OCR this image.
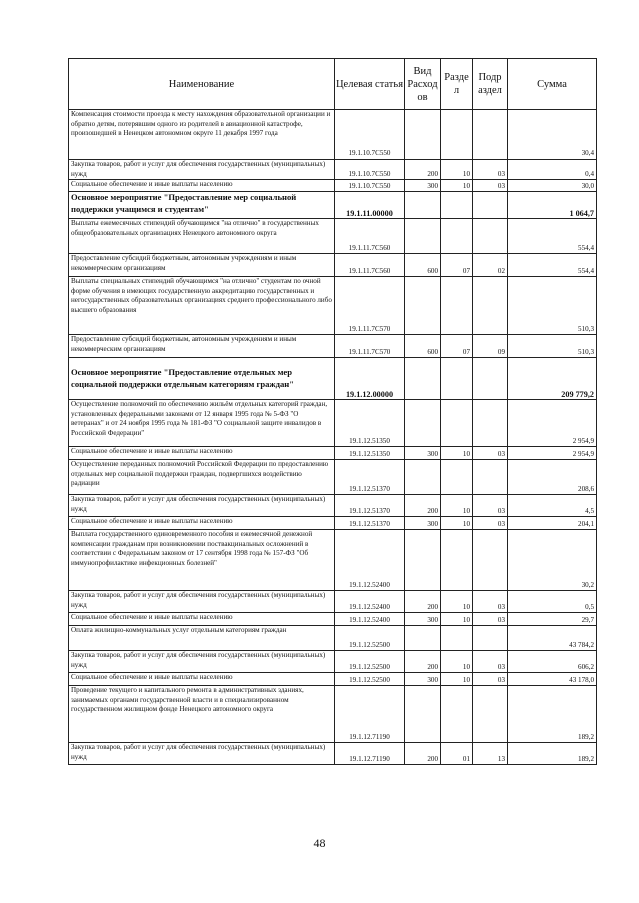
Наименование	Целевая статья	Вид Расход ов	Разде л	Подр аздел	Сумма
Компенсация стоимости проезда к месту нахождения образовательной организации и обратно детям, потерявшим одного из родителей в авиационной катастрофе, произошедшей в Ненецком автономном округе 11 декабря 1997 года	19.1.10.7С550				30,4
Закупка товаров, работ и услуг для обеспечения государственных (муниципальных) нужд	19.1.10.7С550	200	10	03	0,4
Социальное обеспечение и иные выплаты населению	19.1.10.7С550	300	10	03	30,0
Основное мероприятие "Предоставление мер социальной поддержки учащимся и студентам"	19.1.11.00000				1 064,7
Выплаты ежемесячных стипендий обучающимся "на отлично" в государственных общеобразовательных организациях Ненецкого автономного округа	19.1.11.7С560				554,4
Предоставление субсидий бюджетным, автономным учреждениям и иным некоммерческим организациям	19.1.11.7С560	600	07	02	554,4
Выплаты специальных стипендий обучающимся "на отлично" студентам по очной форме обучения в имеющих государственную аккредитацию государственных и негосударственных образовательных организациях среднего профессионального либо высшего образования	19.1.11.7С570				510,3
Предоставление субсидий бюджетным, автономным учреждениям и иным некоммерческим организациям	19.1.11.7С570	600	07	09	510,3
Основное мероприятие "Предоставление отдельных мер социальной поддержки отдельным категориям граждан"	19.1.12.00000				209 779,2
Осуществление полномочий по обеспечению жильём отдельных категорий граждан, установленных федеральными законами от 12 января 1995 года № 5-ФЗ "О ветеранах" и от 24 ноября 1995 года № 181-ФЗ "О социальной защите инвалидов в Российской Федерации"	19.1.12.51350				2 954,9
Социальное обеспечение и иные выплаты населению	19.1.12.51350	300	10	03	2 954,9
Осуществление переданных полномочий Российской Федерации по предоставлению отдельных мер социальной поддержки граждан, подвергшихся воздействию радиации	19.1.12.51370				208,6
Закупка товаров, работ и услуг для обеспечения государственных (муниципальных) нужд	19.1.12.51370	200	10	03	4,5
Социальное обеспечение и иные выплаты населению	19.1.12.51370	300	10	03	204,1
Выплата государственного единовременного пособия и ежемесячной денежной компенсации гражданам при возникновении поствакцинальных осложнений в соответствии с Федеральным законом от 17 сентября 1998 года № 157-ФЗ "Об иммунопрофилактике инфекционных болезней"	19.1.12.52400				30,2
Закупка товаров, работ и услуг для обеспечения государственных (муниципальных) нужд	19.1.12.52400	200	10	03	0,5
Социальное обеспечение и иные выплаты населению	19.1.12.52400	300	10	03	29,7
Оплата жилищно-коммунальных услуг отдельным категориям граждан	19.1.12.52500				43 784,2
Закупка товаров, работ и услуг для обеспечения государственных (муниципальных) нужд	19.1.12.52500	200	10	03	606,2
Социальное обеспечение и иные выплаты населению	19.1.12.52500	300	10	03	43 178,0
Проведение текущего и капитального ремонта в административных зданиях, занимаемых органами государственной власти и в специализированном государственном жилищном фонде Ненецкого автономного округа	19.1.12.71190				189,2
Закупка товаров, работ и услуг для обеспечения государственных (муниципальных) нужд	19.1.12.71190	200	01	13	189,2
48
